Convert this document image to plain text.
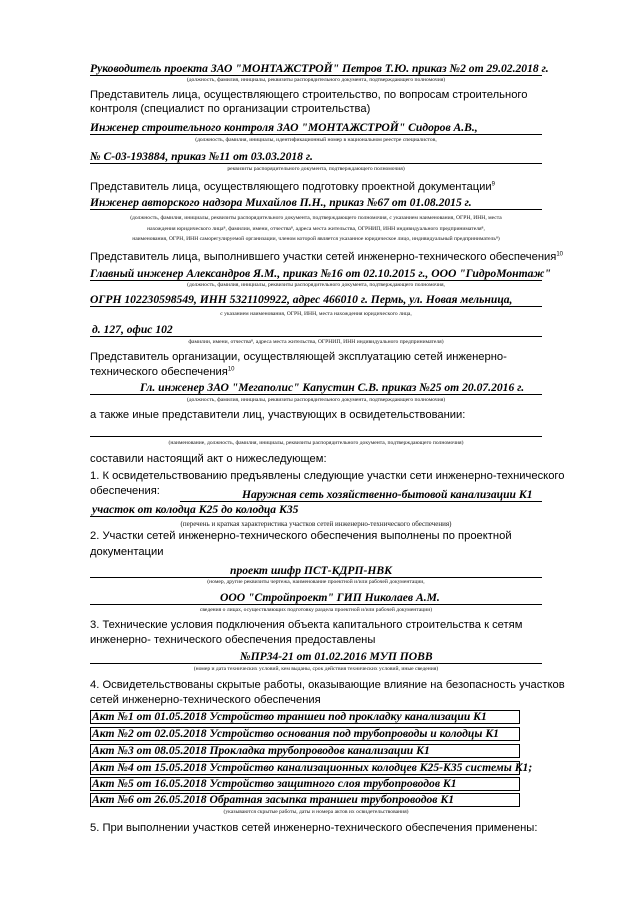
Руководитель проекта ЗАО "МОНТАЖСТРОЙ" Петров Т.Ю. приказ №2 от 29.02.2018 г.
(должность, фамилия, инициалы, реквизиты распорядительного документа, подтверждающего полномочия)
Представитель лица, осуществляющего строительство, по вопросам строительного
контроля (специалист по организации строительства)
Инженер строительного контроля ЗАО "МОНТАЖСТРОЙ" Сидоров А.В.,
(должность, фамилия, инициалы, идентификационный номер в национальном реестре специалистов,
№ С-03-193884, приказ №11 от 03.03.2018 г.
реквизиты распорядительного документа, подтверждающего полномочия)
Представитель лица, осуществляющего подготовку проектной документации$^9$
Инженер авторского надзора Михайлов П.Н., приказ №67 от 01.08.2015 г.
(должность, фамилия, инициалы, реквизиты распорядительного документа, подтверждающего полномочия, с указанием наименования, ОГРН, ИНН, места
нахождения юридического лица⁸, фамилии, имени, отчества⁸, адреса места жительства, ОГРНИП, ИНН индивидуального предпринимателя⁸,
наименования, ОГРН, ИНН саморегулируемой организации, членом которой является указанное юридическое лицо, индивидуальный предприниматель⁸)
Представитель лица, выполнившего участки сетей инженерно-технического обеспечения$^{10}$
Главный инженер Александров Я.М., приказ №16 от 02.10.2015 г., ООО "ГидроМонтаж"
(должность, фамилия, инициалы, реквизиты распорядительного документа, подтверждающего полномочия,
ОГРН 102230598549, ИНН 5321109922, адрес 466010 г. Пермь, ул. Новая мельница,
с указанием наименования, ОГРН, ИНН, места нахождения юридического лица,
д. 127, офис 102
фамилии, имени, отчества⁸, адреса места жительства, ОГРНИП, ИНН индивидуального предпринимателя)
Представитель организации, осуществляющей эксплуатацию сетей инженерно-
технического обеспечения$^{10}$
Гл. инженер ЗАО "Мегаполис" Капустин С.В. приказ №25 от 20.07.2016 г.
(должность, фамилия, инициалы, реквизиты распорядительного документа, подтверждающего полномочия)
а также иные представители лиц, участвующих в освидетельствовании:
(наименование, должность, фамилия, инициалы, реквизиты распорядительного документа, подтверждающего полномочия)
составили настоящий акт о нижеследующем:
1. К освидетельствованию предъявлены следующие участки сети инженерно-технического
обеспечения:	Наружная сеть хозяйственно-бытовой канализации К1
участок от колодца К25 до колодца К35
(перечень и краткая характеристика участков сетей инженерно-технического обеспечения)
2. Участки сетей инженерно-технического обеспечения выполнены по проектной
документации
проект шифр ПСТ-КДРП-НВК
(номер, другие реквизиты чертежа, наименование проектной и/или рабочей документации,
ООО "Стройпроект" ГИП Николаев А.М.
сведения о лицах, осуществляющих подготовку раздела проектной и/или рабочей документации)
3. Технические условия подключения объекта капитального строительства к сетям
инженерно- технического обеспечения предоставлены
№ПР34-21 от 01.02.2016 МУП ПОВВ
(номер и дата технических условий, кем выданы, срок действия технических условий, иные сведения)
4. Освидетельствованы скрытые работы, оказывающие влияние на безопасность участков
сетей инженерно-технического обеспечения
Акт №1 от 01.05.2018 Устройство траншеи под прокладку канализации К1
Акт №2 от 02.05.2018 Устройство основания под трубопроводы и колодцы К1
Акт №3 от 08.05.2018 Прокладка трубопроводов канализации К1
Акт №4 от 15.05.2018 Устройство канализационных колодцев К25-К35 системы К1;
Акт №5 от 16.05.2018 Устройство защитного слоя трубопроводов К1
Акт №6 от 26.05.2018 Обратная засыпка траншеи трубопроводов К1
(указываются скрытые работы, даты и номера актов их освидетельствования)
5. При выполнении участков сетей инженерно-технического обеспечения применены:
